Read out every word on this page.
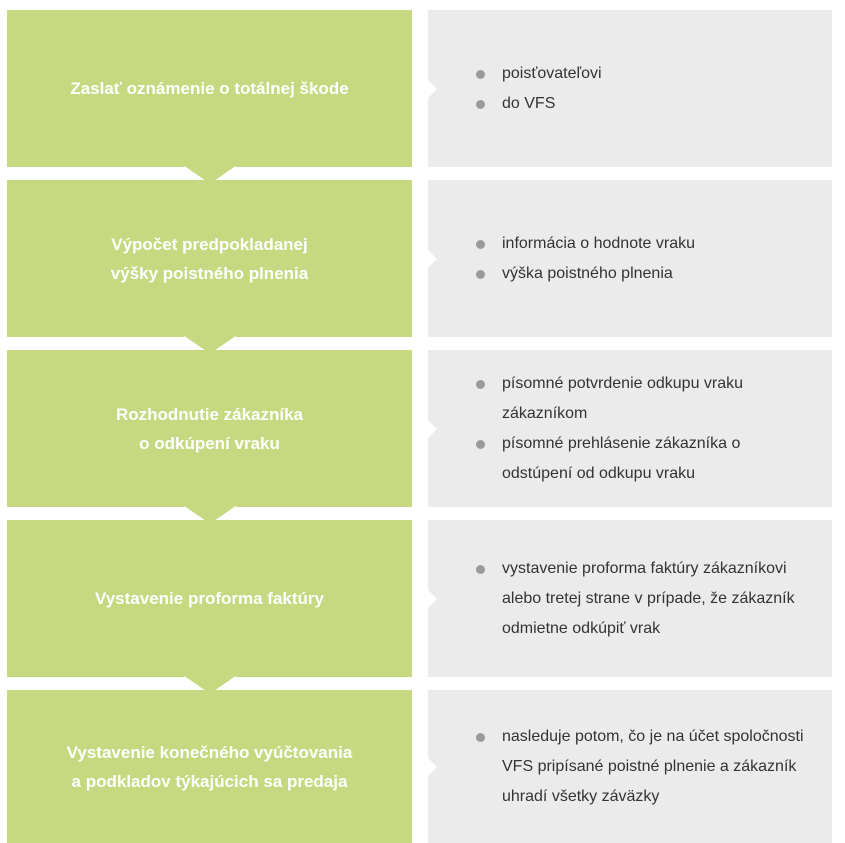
Zaslať oznámenie o totálnej škode
poisťovateľovi
do VFS
Výpočet predpokladanej
výšky poistného plnenia
informácia o hodnote vraku
výška poistného plnenia
Rozhodnutie zákazníka
o odkúpení vraku
písomné potvrdenie odkupu vraku zákazníkom
písomné prehlásenie zákazníka o odstúpení od odkupu vraku
Vystavenie proforma faktúry
vystavenie proforma faktúry zákazníkovi alebo tretej strane v prípade, že zákazník odmietne odkúpiť vrak
Vystavenie konečného vyúčtovania
a podkladov týkajúcich sa predaja
nasleduje potom, čo je na účet spoločnosti VFS pripísané poistné plnenie a zákazník uhradí všetky záväzky
